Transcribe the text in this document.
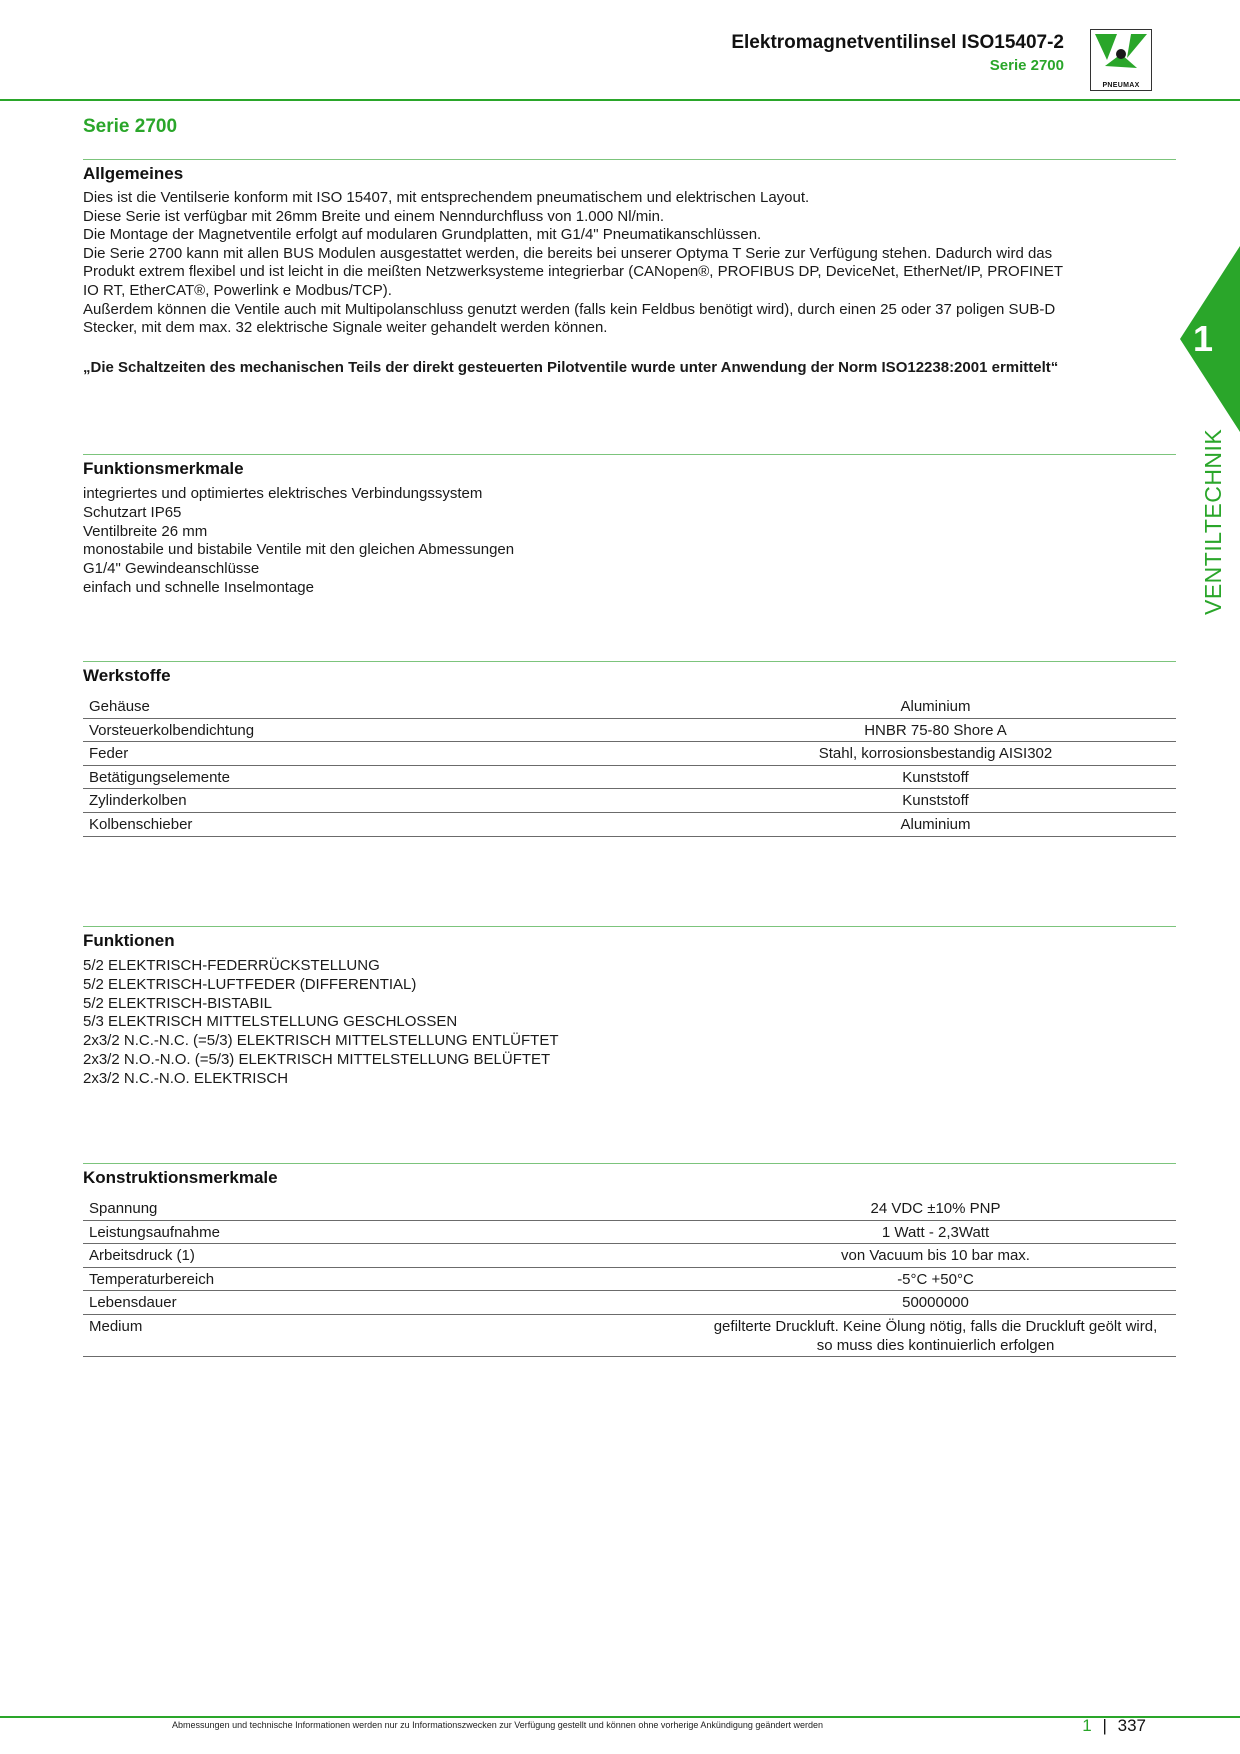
Elektromagnetventilinsel ISO15407-2
Serie 2700
PNEUMAX
Serie 2700
Allgemeines
Dies ist die Ventilserie konform mit ISO 15407, mit entsprechendem pneumatischem und elektrischen Layout.
Diese Serie ist verfügbar mit 26mm Breite und einem Nenndurchfluss von 1.000 Nl/min.
Die Montage der Magnetventile erfolgt auf modularen Grundplatten, mit G1/4" Pneumatikanschlüssen.
Die Serie 2700 kann mit allen BUS Modulen ausgestattet werden, die bereits bei unserer Optyma T Serie zur Verfügung stehen. Dadurch wird das
Produkt extrem flexibel und ist leicht in die meißten Netzwerksysteme integrierbar (CANopen®, PROFIBUS DP, DeviceNet, EtherNet/IP, PROFINET
IO RT, EtherCAT®, Powerlink e Modbus/TCP).
Außerdem können die Ventile auch mit Multipolanschluss genutzt werden (falls kein Feldbus benötigt wird), durch einen 25 oder 37 poligen SUB-D
Stecker, mit dem max. 32 elektrische Signale weiter gehandelt werden können.
„Die Schaltzeiten des mechanischen Teils der direkt gesteuerten Pilotventile wurde unter Anwendung der Norm ISO12238:2001 ermittelt“
Funktionsmerkmale
integriertes und optimiertes elektrisches Verbindungssystem
Schutzart IP65
Ventilbreite 26 mm
monostabile und bistabile Ventile mit den gleichen Abmessungen
G1/4" Gewindeanschlüsse
einfach und schnelle Inselmontage
Werkstoffe
Gehäuse	Aluminium
Vorsteuerkolbendichtung	HNBR 75-80 Shore A
Feder	Stahl, korrosionsbestandig AISI302
Betätigungselemente	Kunststoff
Zylinderkolben	Kunststoff
Kolbenschieber	Aluminium
Funktionen
5/2 ELEKTRISCH-FEDERRÜCKSTELLUNG
5/2 ELEKTRISCH-LUFTFEDER (DIFFERENTIAL)
5/2 ELEKTRISCH-BISTABIL
5/3 ELEKTRISCH MITTELSTELLUNG GESCHLOSSEN
2x3/2 N.C.-N.C. (=5/3) ELEKTRISCH MITTELSTELLUNG ENTLÜFTET
2x3/2 N.O.-N.O. (=5/3) ELEKTRISCH MITTELSTELLUNG BELÜFTET
2x3/2 N.C.-N.O. ELEKTRISCH
Konstruktionsmerkmale
Spannung	24 VDC ±10% PNP
Leistungsaufnahme	1 Watt - 2,3Watt
Arbeitsdruck (1)	von Vacuum bis 10 bar max.
Temperaturbereich	-5°C +50°C
Lebensdauer	50000000
Medium	gefilterte Druckluft. Keine Ölung nötig, falls die Druckluft geölt wird,
so muss dies kontinuierlich erfolgen
1
VENTILTECHNIK
Abmessungen und technische Informationen werden nur zu Informationszwecken zur Verfügung gestellt und können ohne vorherige Ankündigung geändert werden	1 | 337
